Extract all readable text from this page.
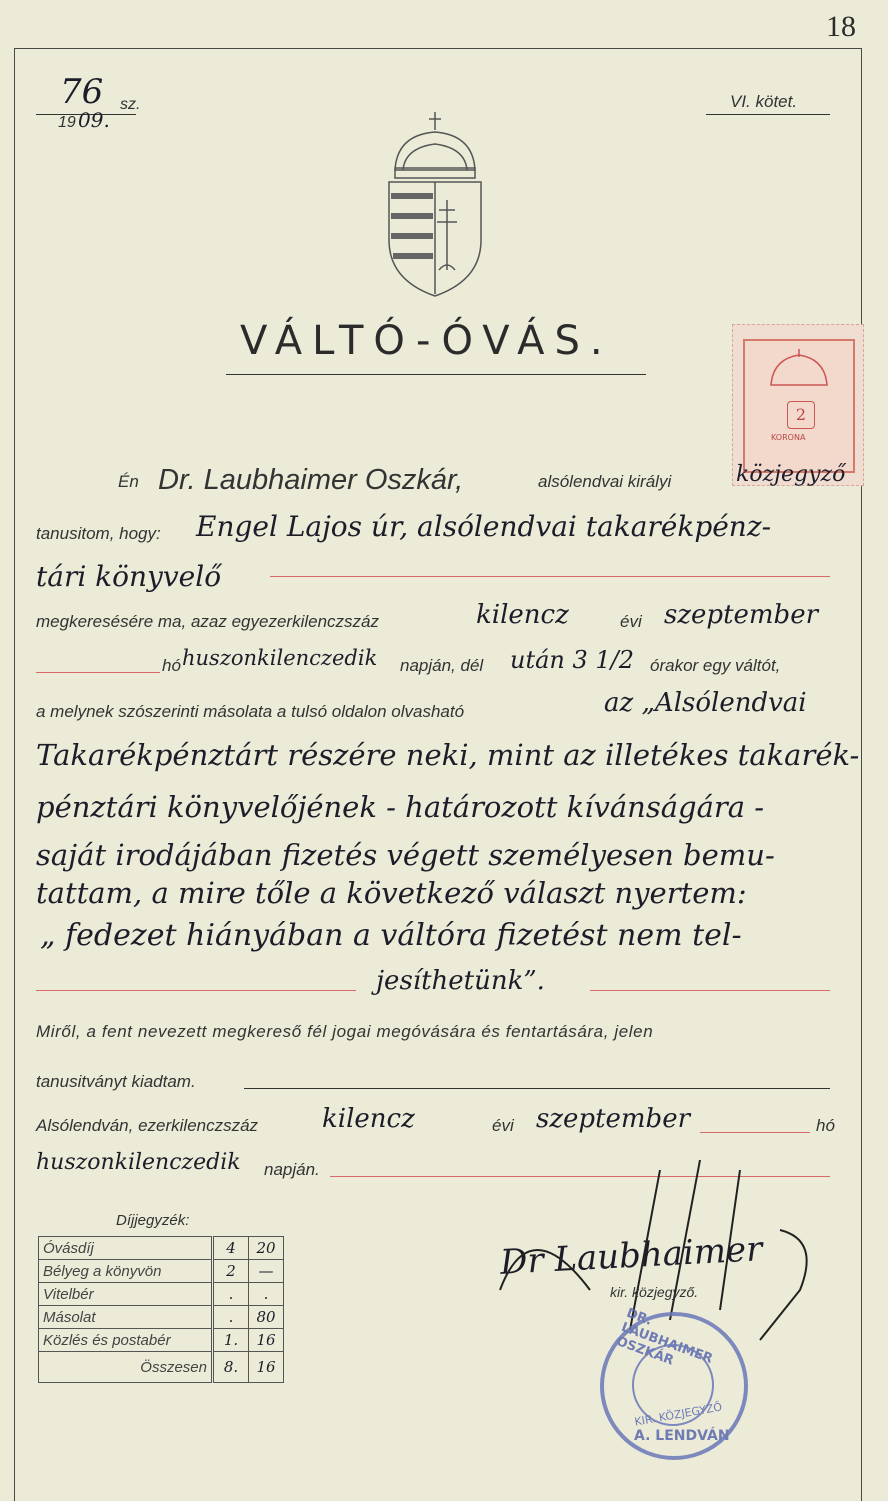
18
76 sz.
19 09.
VI. kötet.
VÁLTÓ-ÓVÁS.
2
KORONA
Én Dr. Laubhaimer Oszkár,	alsólendvai királyi	közjegyző
tanusitom, hogy: Engel Lajos úr, alsólendvai takarékpénz-
tári könyvelő
megkeresésére ma, azaz egyezerkilenczszáz	kilencz	évi szeptember
hó huszonkilenczedik napján, dél után 3 1/2 órakor egy váltót,
a melynek szószerinti másolata a tulsó oldalon olvasható	az „Alsólendvai
Takarékpénztárt részére neki, mint az illetékes takarék-
pénztári könyvelőjének - határozott kívánságára -
saját irodájában fizetés végett személyesen bemu-
tattam, a mire tőle a következő választ nyertem:
„ fedezet hiányában a váltóra fizetést nem tel-
jesíthetünk”.
Miről, a fent nevezett megkereső fél jogai megóvására és fentartására, jelen
tanusitványt kiadtam.
Alsólendván, ezerkilenczszáz kilencz	évi szeptember	hó
huszonkilenczedik napján.
Díjjegyzék:
Óvásdíj	4	20
Bélyeg a könyvön	2	—
Vitelbér	.	.
Másolat	.	80
Közlés és postabér	1.	16
Összesen	8.	16
Dr Laubhaimer
kir. közjegyző.
DR. LAUBHAIMER OSZKÁR
KIR. KÖZJEGYZŐ
A. LENDVÁN
